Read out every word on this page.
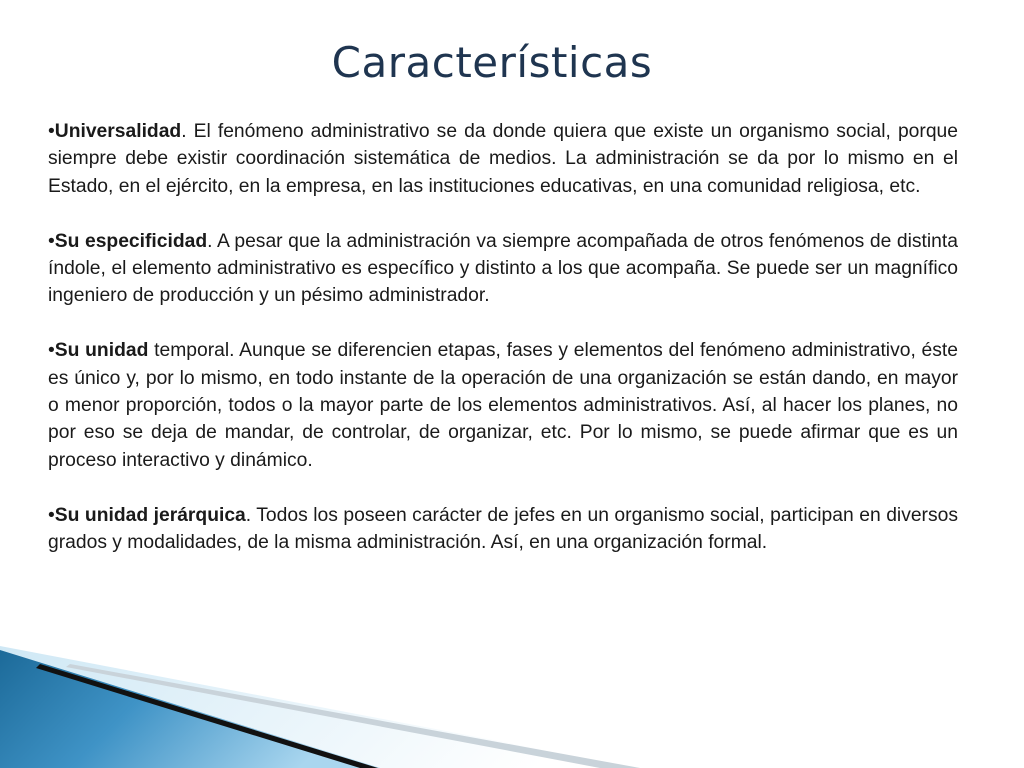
Características

•Universalidad. El fenómeno administrativo se da donde quiera que existe un organismo social, porque siempre debe existir coordinación sistemática de medios. La administración se da por lo mismo en el Estado, en el ejército, en la empresa, en las instituciones educativas, en una comunidad religiosa, etc.

•Su especificidad. A pesar que la administración va siempre acompañada de otros fenómenos de distinta índole, el elemento administrativo es específico y distinto a los que acompaña. Se puede ser un magnífico ingeniero de producción y un pésimo administrador.

•Su unidad temporal. Aunque se diferencien etapas, fases y elementos del fenómeno administrativo, éste es único y, por lo mismo, en todo instante de la operación de una organización se están dando, en mayor o menor proporción, todos o la mayor parte de los elementos administrativos. Así, al hacer los planes, no por eso se deja de mandar, de controlar, de organizar, etc. Por lo mismo, se puede afirmar que es un proceso interactivo y dinámico.

•Su unidad jerárquica. Todos los poseen carácter de jefes en un organismo social, participan en diversos grados y modalidades, de la misma administración. Así, en una organización formal.
